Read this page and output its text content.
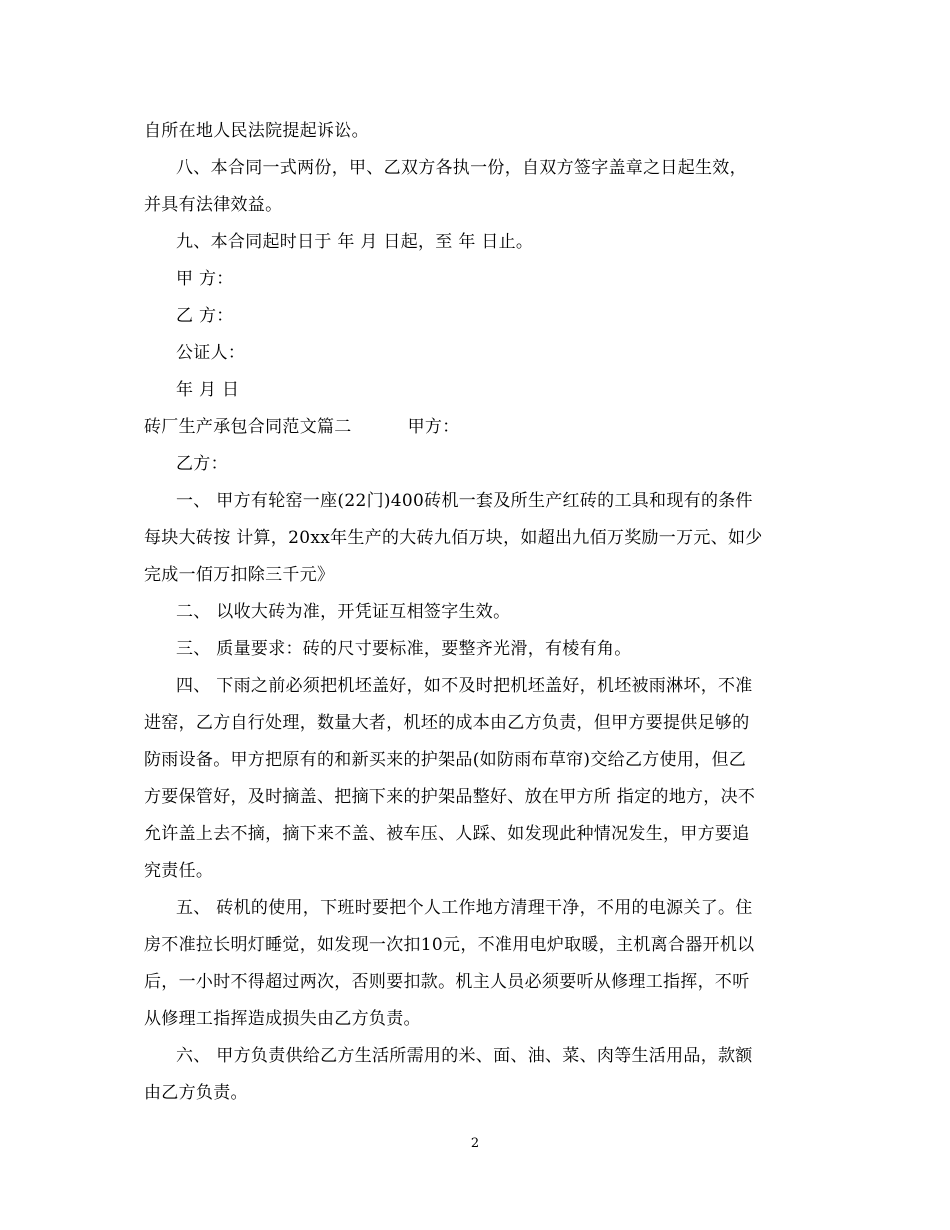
自所在地人民法院提起诉讼。
八、本合同一式两份，甲、乙双方各执一份，自双方签字盖章之日起生效，
并具有法律效益。
九、本合同起时日于 年 月 日起，至 年 日止。
甲 方：
乙 方：
公证人：
年 月 日
砖厂生产承包合同范文篇二	甲方：
乙方：
一、 甲方有轮窑一座(22门)400砖机一套及所生产红砖的工具和现有的条件
每块大砖按 计算，20xx年生产的大砖九佰万块，如超出九佰万奖励一万元、如少
完成一佰万扣除三千元》
二、 以收大砖为准，开凭证互相签字生效。
三、 质量要求：砖的尺寸要标准，要整齐光滑，有棱有角。
四、 下雨之前必须把机坯盖好，如不及时把机坯盖好，机坯被雨淋坏，不准
进窑，乙方自行处理，数量大者，机坯的成本由乙方负责，但甲方要提供足够的
防雨设备。甲方把原有的和新买来的护架品(如防雨布草帘)交给乙方使用，但乙
方要保管好，及时摘盖、把摘下来的护架品整好、放在甲方所 指定的地方，决不
允许盖上去不摘，摘下来不盖、被车压、人踩、如发现此种情况发生，甲方要追
究责任。
五、 砖机的使用，下班时要把个人工作地方清理干净，不用的电源关了。住
房不准拉长明灯睡觉，如发现一次扣10元，不准用电炉取暖，主机离合器开机以
后，一小时不得超过两次，否则要扣款。机主人员必须要听从修理工指挥，不听
从修理工指挥造成损失由乙方负责。
六、 甲方负责供给乙方生活所需用的米、面、油、菜、肉等生活用品，款额
由乙方负责。
2
